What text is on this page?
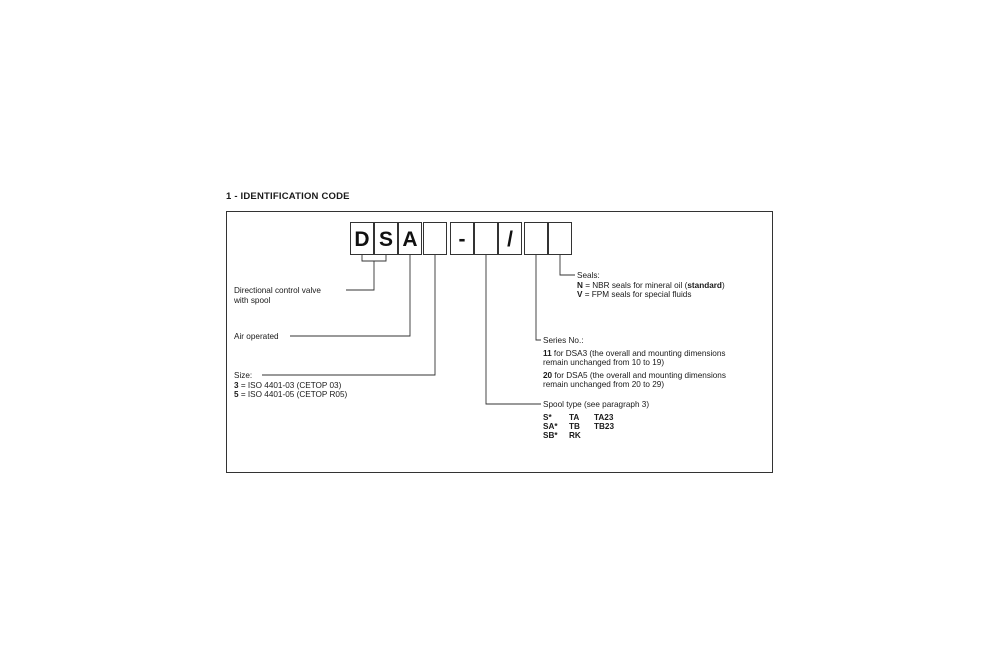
1 - IDENTIFICATION CODE
D S A	-	/
Directional control valve
with spool
Air operated
Size:
3 = ISO 4401-03 (CETOP 03)
5 = ISO 4401-05 (CETOP R05)
Seals:
N = NBR seals for mineral oil (standard)
V = FPM seals for special fluids
Series No.:
11 for DSA3 (the overall and mounting dimensions
remain unchanged from 10 to 19)
20 for DSA5 (the overall and mounting dimensions
remain unchanged from 20 to 29)
Spool type (see paragraph 3)
S*	TA	TA23
SA*	TB	TB23
SB*	RK
